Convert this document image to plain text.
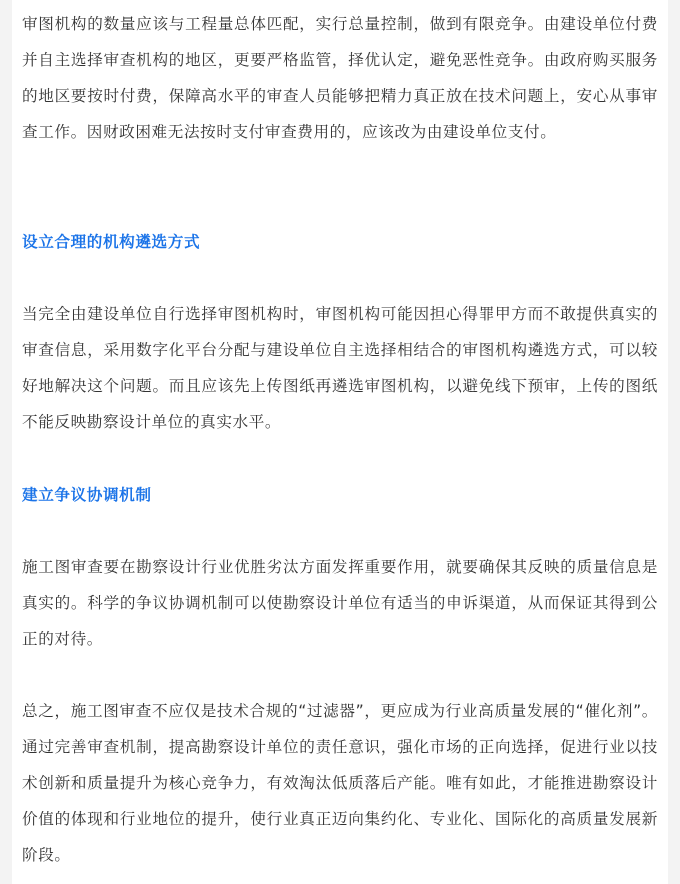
审图机构的数量应该与工程量总体匹配，实行总量控制，做到有限竞争。由建设单位付费并自主选择审查机构的地区，更要严格监管，择优认定，避免恶性竞争。由政府购买服务的地区要按时付费，保障高水平的审查人员能够把精力真正放在技术问题上，安心从事审查工作。因财政困难无法按时支付审查费用的，应该改为由建设单位支付。

设立合理的机构遴选方式

当完全由建设单位自行选择审图机构时，审图机构可能因担心得罪甲方而不敢提供真实的审查信息，采用数字化平台分配与建设单位自主选择相结合的审图机构遴选方式，可以较好地解决这个问题。而且应该先上传图纸再遴选审图机构，以避免线下预审，上传的图纸不能反映勘察设计单位的真实水平。

建立争议协调机制

施工图审查要在勘察设计行业优胜劣汰方面发挥重要作用，就要确保其反映的质量信息是真实的。科学的争议协调机制可以使勘察设计单位有适当的申诉渠道，从而保证其得到公正的对待。

总之，施工图审查不应仅是技术合规的“过滤器”，更应成为行业高质量发展的“催化剂”。通过完善审查机制，提高勘察设计单位的责任意识，强化市场的正向选择，促进行业以技术创新和质量提升为核心竞争力，有效淘汰低质落后产能。唯有如此，才能推进勘察设计价值的体现和行业地位的提升，使行业真正迈向集约化、专业化、国际化的高质量发展新阶段。
